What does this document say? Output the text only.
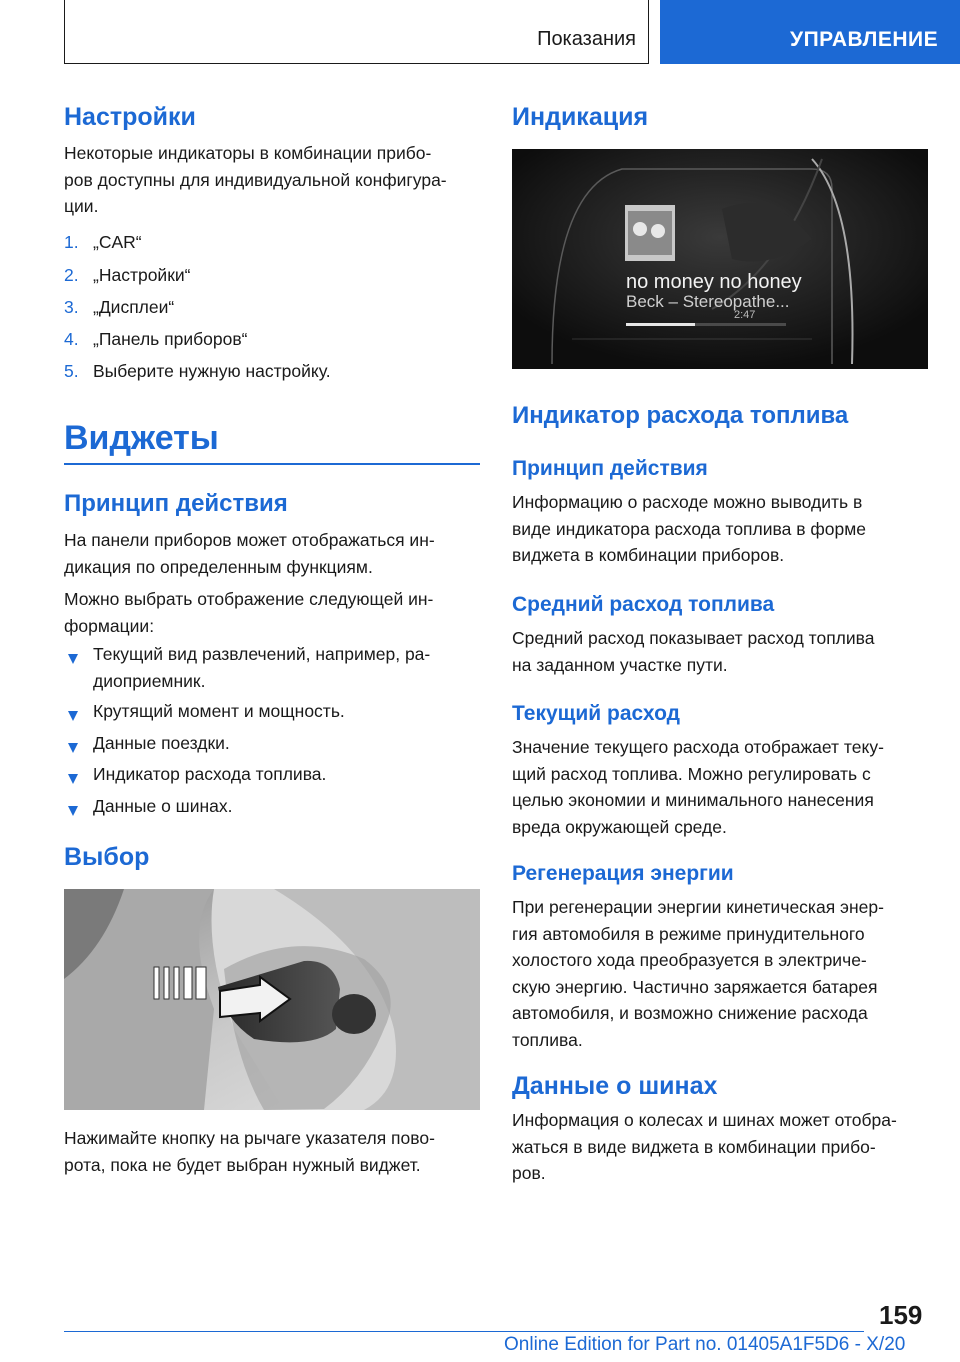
Показания	УПРАВЛЕНИЕ
Настройки

Некоторые индикаторы в комбинации прибо-
ров доступны для индивидуальной конфигура-
ции.

1. „CAR“
2. „Настройки“
3. „Дисплеи“
4. „Панель приборов“
5. Выберите нужную настройку.
Виджеты
Принцип действия

На панели приборов может отображаться ин-
дикация по определенным функциям.

Можно выбрать отображение следующей ин-
формации:

Текущий вид развлечений, например, ра-
диоприемник.

Крутящий момент и мощность.

Данные поездки.

Индикатор расхода топлива.

Данные о шинах.

Выбор

Нажимайте кнопку на рычаге указателя пово-
рота, пока не будет выбран нужный виджет.

Индикация
no money no honey
Beck – Stereopathe...
2:47
Индикатор расхода топлива
Принцип действия

Информацию о расходе можно выводить в
виде индикатора расхода топлива в форме
виджета в комбинации приборов.

Средний расход топлива

Средний расход показывает расход топлива
на заданном участке пути.

Текущий расход

Значение текущего расхода отображает теку-
щий расход топлива. Можно регулировать с
целью экономии и минимального нанесения
вреда окружающей среде.

Регенерация энергии

При регенерации энергии кинетическая энер-
гия автомобиля в режиме принудительного
холостого хода преобразуется в электриче-
скую энергию. Частично заряжается батарея
автомобиля, и возможно снижение расхода
топлива.

Данные о шинах

Информация о колесах и шинах может отобра-
жаться в виде виджета в комбинации прибо-
ров.

159
Online Edition for Part no. 01405A1F5D6 - X/20
